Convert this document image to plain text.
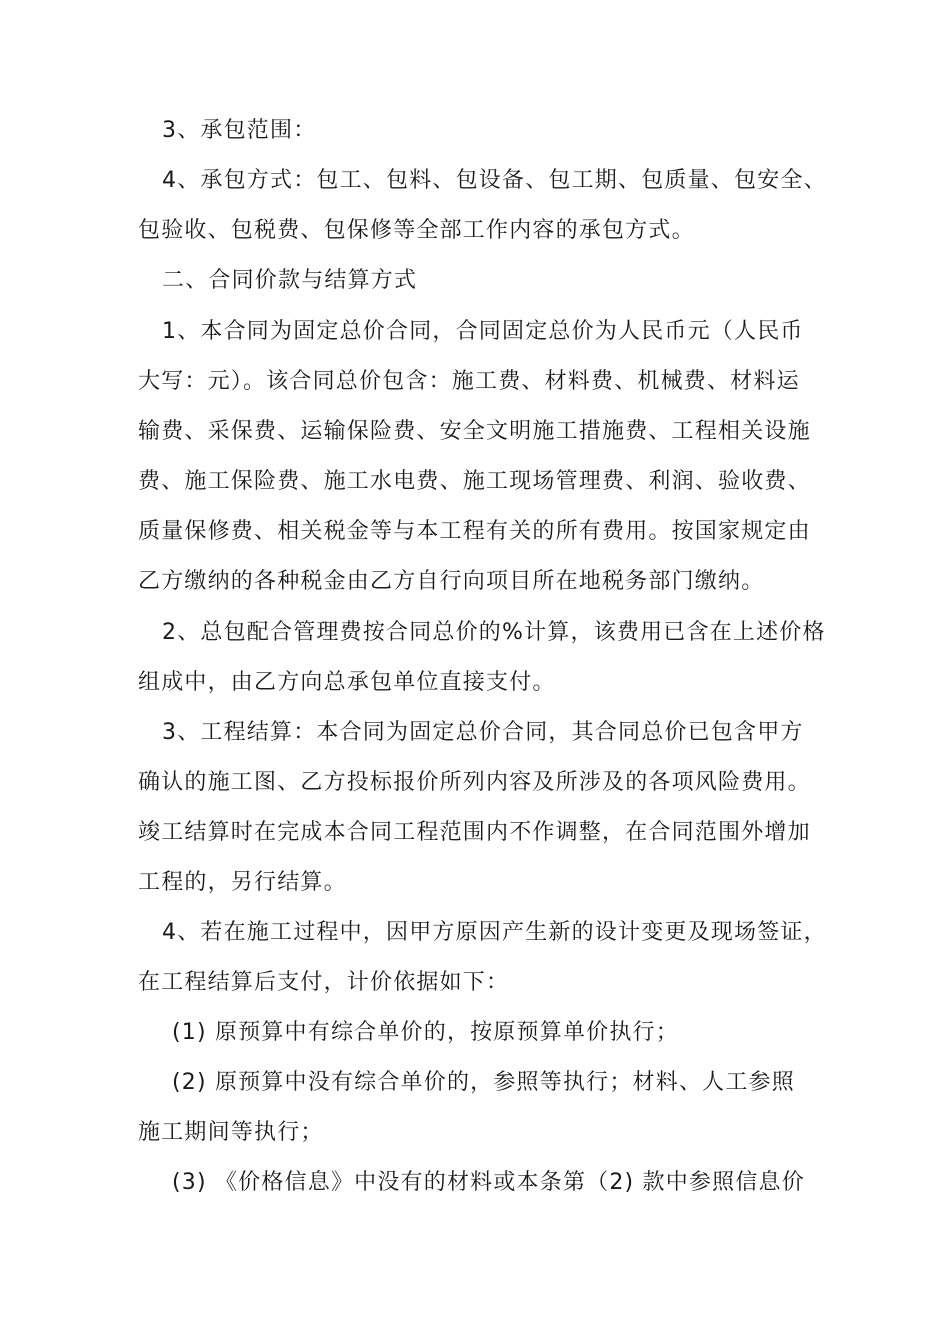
3、承包范围：
4、承包方式：包工、包料、包设备、包工期、包质量、包安全、
包验收、包税费、包保修等全部工作内容的承包方式。
二、合同价款与结算方式
1、本合同为固定总价合同，合同固定总价为人民币元（人民币
大写：元）。该合同总价包含：施工费、材料费、机械费、材料运
输费、采保费、运输保险费、安全文明施工措施费、工程相关设施
费、施工保险费、施工水电费、施工现场管理费、利润、验收费、
质量保修费、相关税金等与本工程有关的所有费用。按国家规定由
乙方缴纳的各种税金由乙方自行向项目所在地税务部门缴纳。
2、总包配合管理费按合同总价的%计算，该费用已含在上述价格
组成中，由乙方向总承包单位直接支付。
3、工程结算：本合同为固定总价合同，其合同总价已包含甲方
确认的施工图、乙方投标报价所列内容及所涉及的各项风险费用。
竣工结算时在完成本合同工程范围内不作调整，在合同范围外增加
工程的，另行结算。
4、若在施工过程中，因甲方原因产生新的设计变更及现场签证，
在工程结算后支付，计价依据如下：
(1) 原预算中有综合单价的，按原预算单价执行；
(2) 原预算中没有综合单价的，参照等执行；材料、人工参照
施工期间等执行；
(3) 《价格信息》中没有的材料或本条第（2) 款中参照信息价
